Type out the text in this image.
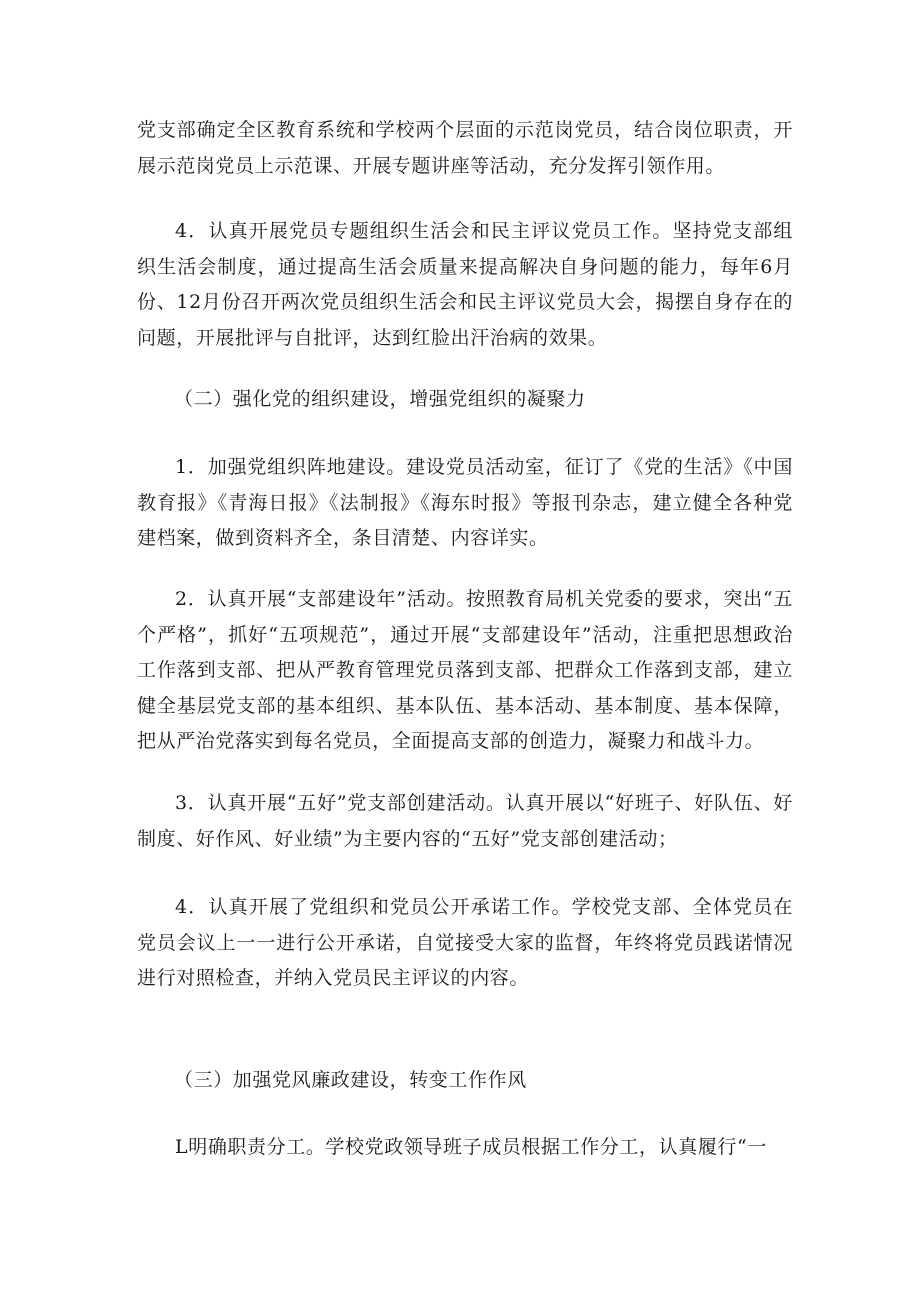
党支部确定全区教育系统和学校两个层面的示范岗党员，结合岗位职责，开展示范岗党员上示范课、开展专题讲座等活动，充分发挥引领作用。

4．认真开展党员专题组织生活会和民主评议党员工作。坚持党支部组织生活会制度，通过提高生活会质量来提高解决自身问题的能力，每年6月份、12月份召开两次党员组织生活会和民主评议党员大会，揭摆自身存在的问题，开展批评与自批评，达到红脸出汗治病的效果。

（二）强化党的组织建设，增强党组织的凝聚力

1．加强党组织阵地建设。建设党员活动室，征订了《党的生活》《中国教育报》《青海日报》《法制报》《海东时报》等报刊杂志，建立健全各种党建档案，做到资料齐全，条目清楚、内容详实。

2．认真开展“支部建设年”活动。按照教育局机关党委的要求，突出“五个严格”，抓好“五项规范”，通过开展“支部建设年”活动，注重把思想政治工作落到支部、把从严教育管理党员落到支部、把群众工作落到支部，建立健全基层党支部的基本组织、基本队伍、基本活动、基本制度、基本保障，把从严治党落实到每名党员，全面提高支部的创造力，凝聚力和战斗力。

3．认真开展“五好”党支部创建活动。认真开展以“好班子、好队伍、好制度、好作风、好业绩”为主要内容的“五好”党支部创建活动；

4．认真开展了党组织和党员公开承诺工作。学校党支部、全体党员在党员会议上一一进行公开承诺，自觉接受大家的监督，年终将党员践诺情况进行对照检查，并纳入党员民主评议的内容。

（三）加强党风廉政建设，转变工作作风

L明确职责分工。学校党政领导班子成员根据工作分工，认真履行“一
